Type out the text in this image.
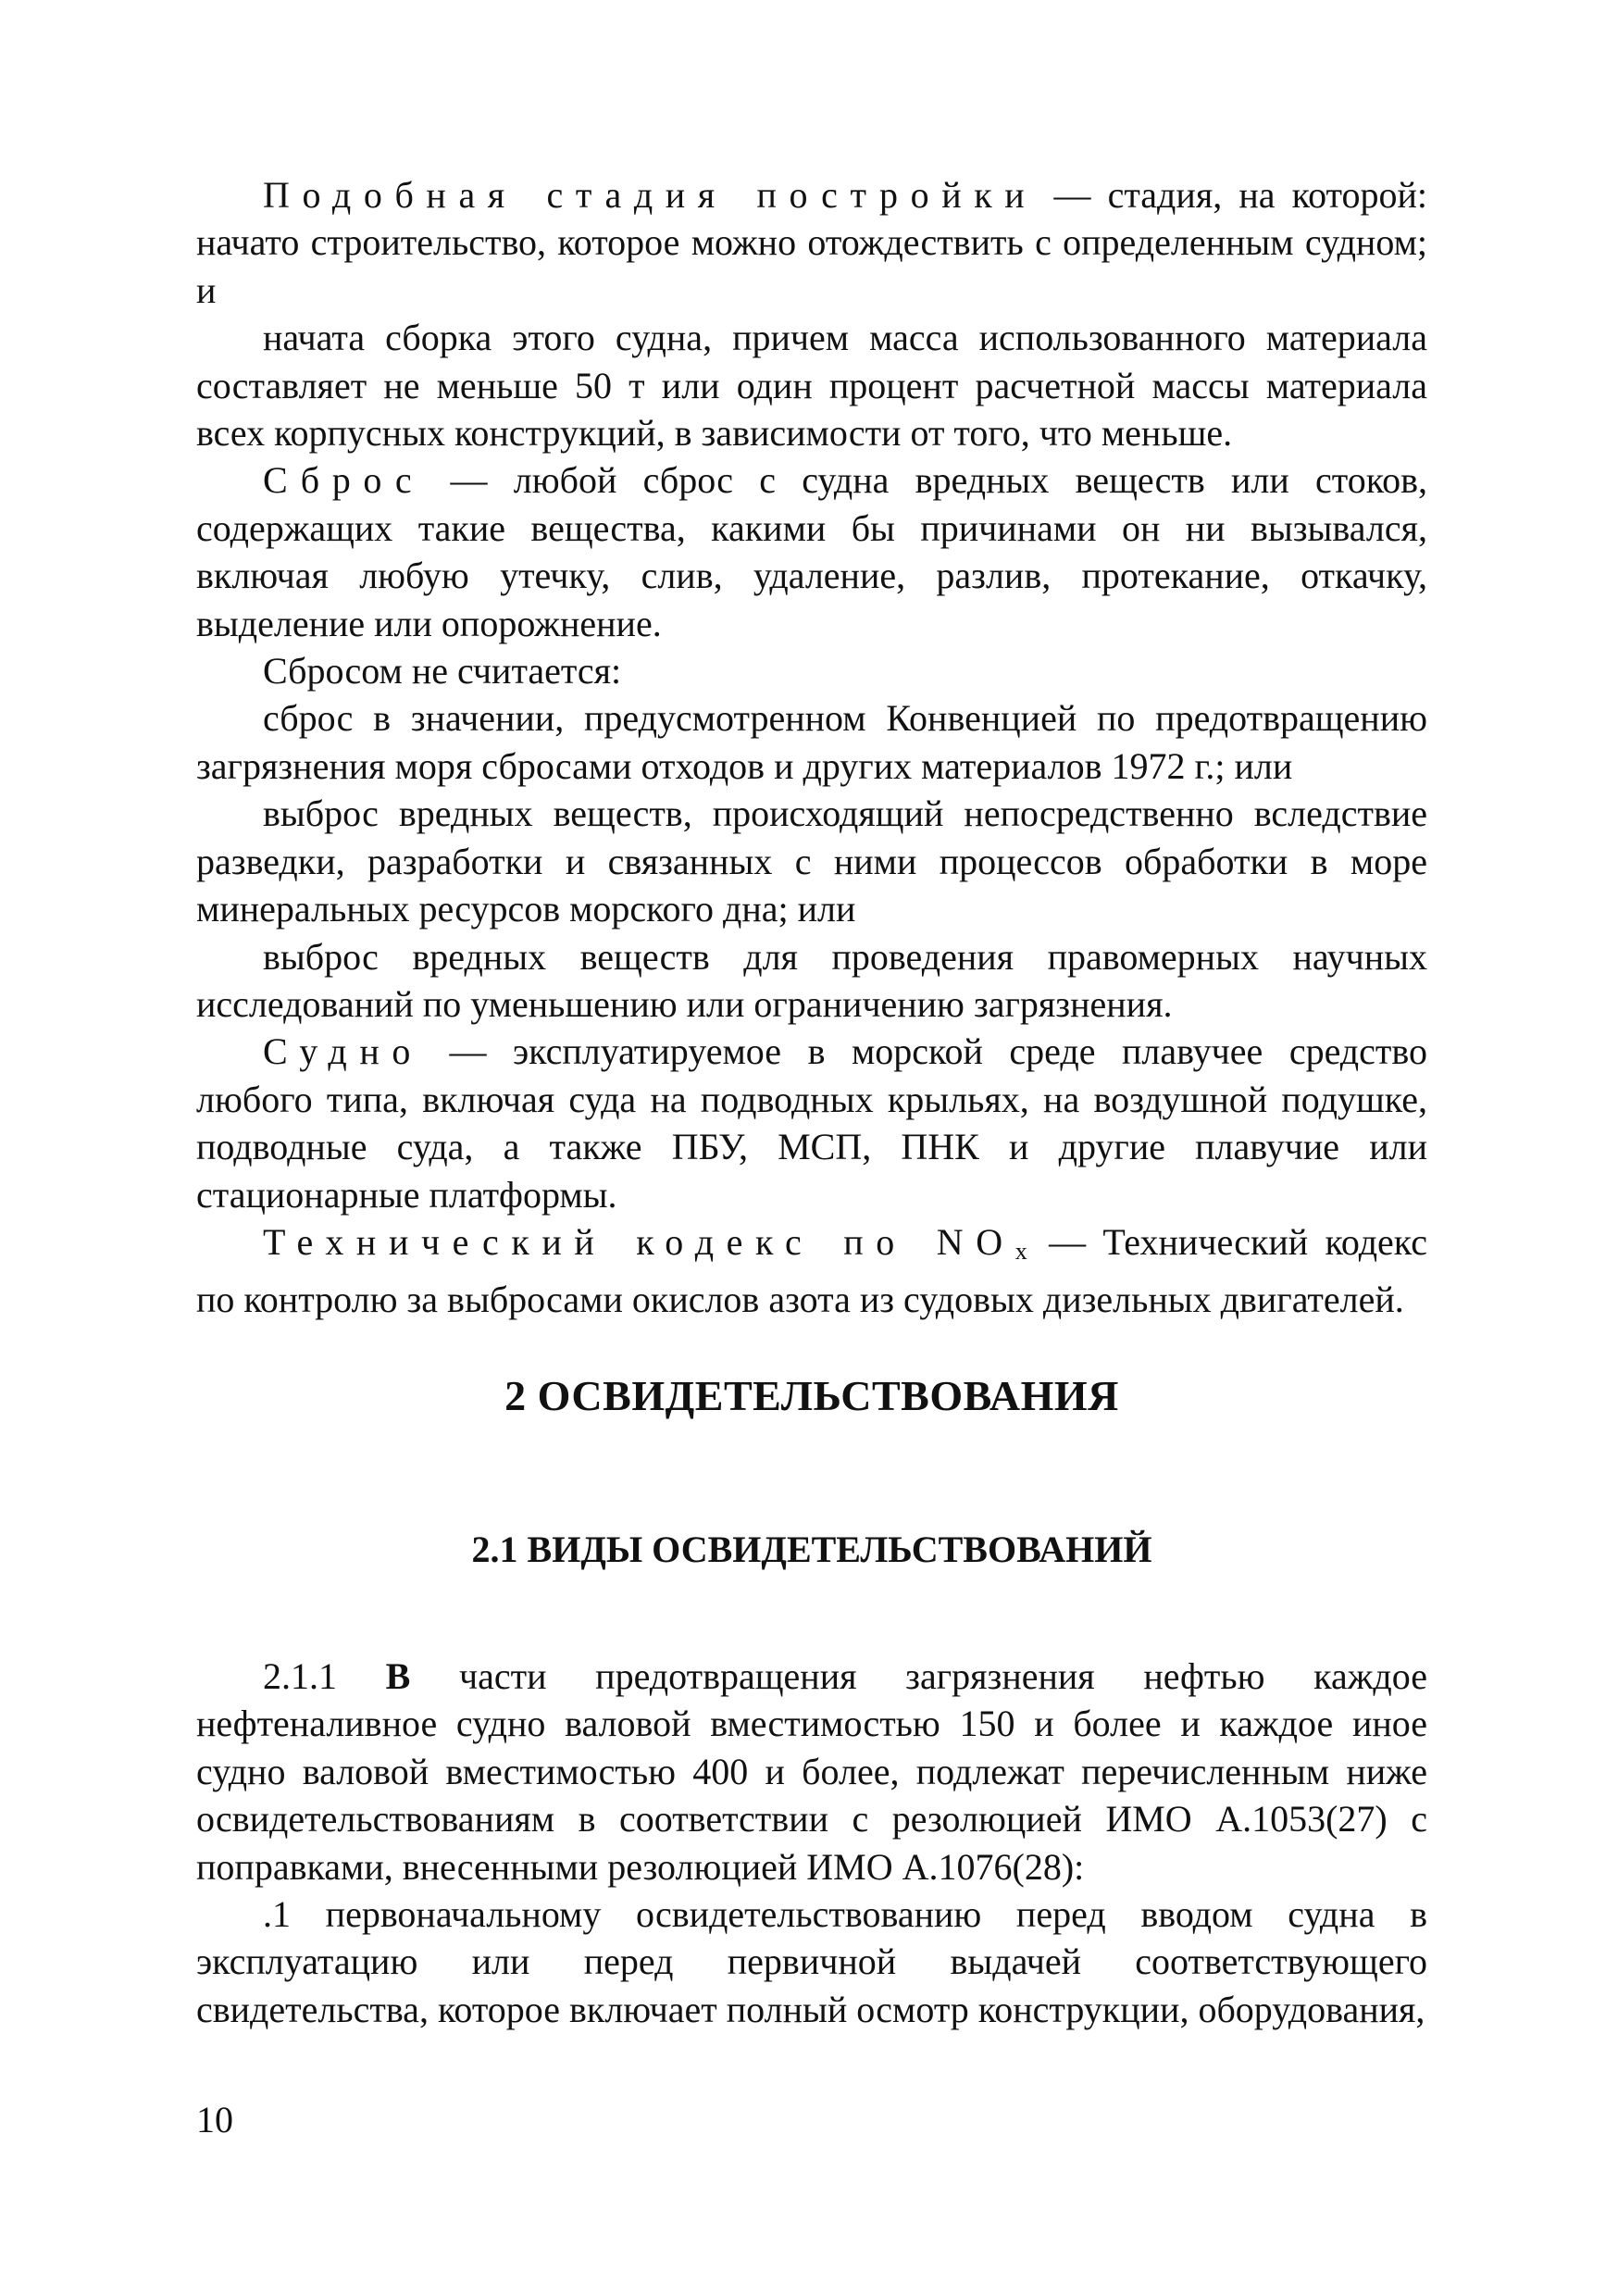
Подобная стадия постройки — стадия, на которой: начато строительство, которое можно отождествить с определенным судном; и

начата сборка этого судна, причем масса использованного материала составляет не меньше 50 т или один процент расчетной массы материала всех корпусных конструкций, в зависимости от того, что меньше.

Сброс — любой сброс с судна вредных веществ или стоков, содержащих такие вещества, какими бы причинами он ни вызывался, включая любую утечку, слив, удаление, разлив, протекание, откачку, выделение или опорожнение.

Сбросом не считается:

сброс в значении, предусмотренном Конвенцией по предотвращению загрязнения моря сбросами отходов и других материалов 1972 г.; или

выброс вредных веществ, происходящий непосредственно вследствие разведки, разработки и связанных с ними процессов обработки в море минеральных ресурсов морского дна; или

выброс вредных веществ для проведения правомерных научных исследований по уменьшению или ограничению загрязнения.

Судно — эксплуатируемое в морской среде плавучее средство любого типа, включая суда на подводных крыльях, на воздушной подушке, подводные суда, а также ПБУ, МСП, ПНК и другие плавучие или стационарные платформы.

Технический кодекс по $NO_x$ — Технический кодекс по контролю за выбросами окислов азота из судовых дизельных двигателей.

2 ОСВИДЕТЕЛЬСТВОВАНИЯ
2.1 ВИДЫ ОСВИДЕТЕЛЬСТВОВАНИЙ

2.1.1 В части предотвращения загрязнения нефтью каждое нефтеналивное судно валовой вместимостью 150 и более и каждое иное судно валовой вместимостью 400 и более, подлежат перечисленным ниже освидетельствованиям в соответствии с резолюцией ИМО A.1053(27) с поправками, внесенными резолюцией ИМО A.1076(28):

.1 первоначальному освидетельствованию перед вводом судна в эксплуатацию или перед первичной выдачей соответствующего свидетельства, которое включает полный осмотр конструкции, оборудования,

10
